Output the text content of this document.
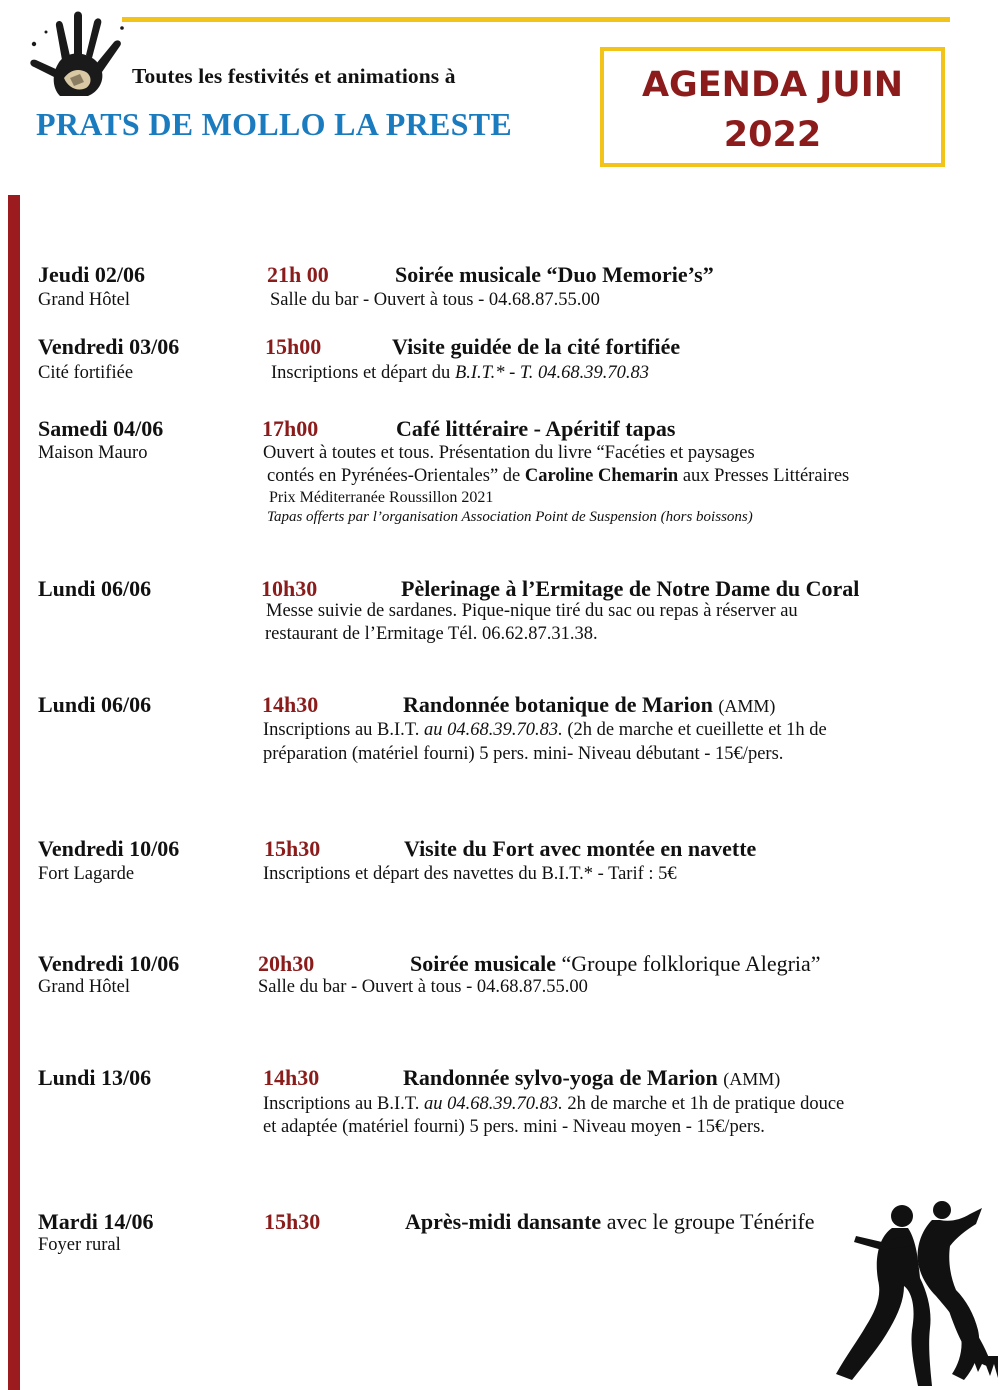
Toutes les festivités et animations à
PRATS DE MOLLO LA PRESTE
AGENDA JUIN
2022
Jeudi 02/06	21h 00	Soirée musicale “Duo Memorie’s”
Grand Hôtel	Salle du bar - Ouvert à tous - 04.68.87.55.00
Vendredi 03/06	15h00	Visite guidée de la cité fortifiée
Cité fortifiée	Inscriptions et départ du B.I.T.* - T. 04.68.39.70.83
Samedi 04/06	17h00	Café littéraire - Apéritif tapas
Maison Mauro	Ouvert à toutes et tous. Présentation du livre “Facéties et paysages
contés en Pyrénées-Orientales” de Caroline Chemarin aux Presses Littéraires
Prix Méditerranée Roussillon 2021
Tapas offerts par l’organisation Association Point de Suspension (hors boissons)
Lundi 06/06	10h30	Pèlerinage à l’Ermitage de Notre Dame du Coral
Messe suivie de sardanes. Pique-nique tiré du sac ou repas à réserver au
restaurant de l’Ermitage Tél. 06.62.87.31.38.
Lundi 06/06	14h30	Randonnée botanique de Marion (AMM)
Inscriptions au B.I.T. au 04.68.39.70.83. (2h de marche et cueillette et 1h de
préparation (matériel fourni) 5 pers. mini- Niveau débutant - 15€/pers.
Vendredi 10/06	15h30	Visite du Fort avec montée en navette
Fort Lagarde	Inscriptions et départ des navettes du B.I.T.* - Tarif : 5€
Vendredi 10/06	20h30	Soirée musicale “Groupe folklorique Alegria”
Grand Hôtel	Salle du bar - Ouvert à tous - 04.68.87.55.00
Lundi 13/06	14h30	Randonnée sylvo-yoga de Marion (AMM)
Inscriptions au B.I.T. au 04.68.39.70.83. 2h de marche et 1h de pratique douce
et adaptée (matériel fourni) 5 pers. mini - Niveau moyen - 15€/pers.
Mardi 14/06	15h30	Après-midi dansante avec le groupe Ténérife
Foyer rural
